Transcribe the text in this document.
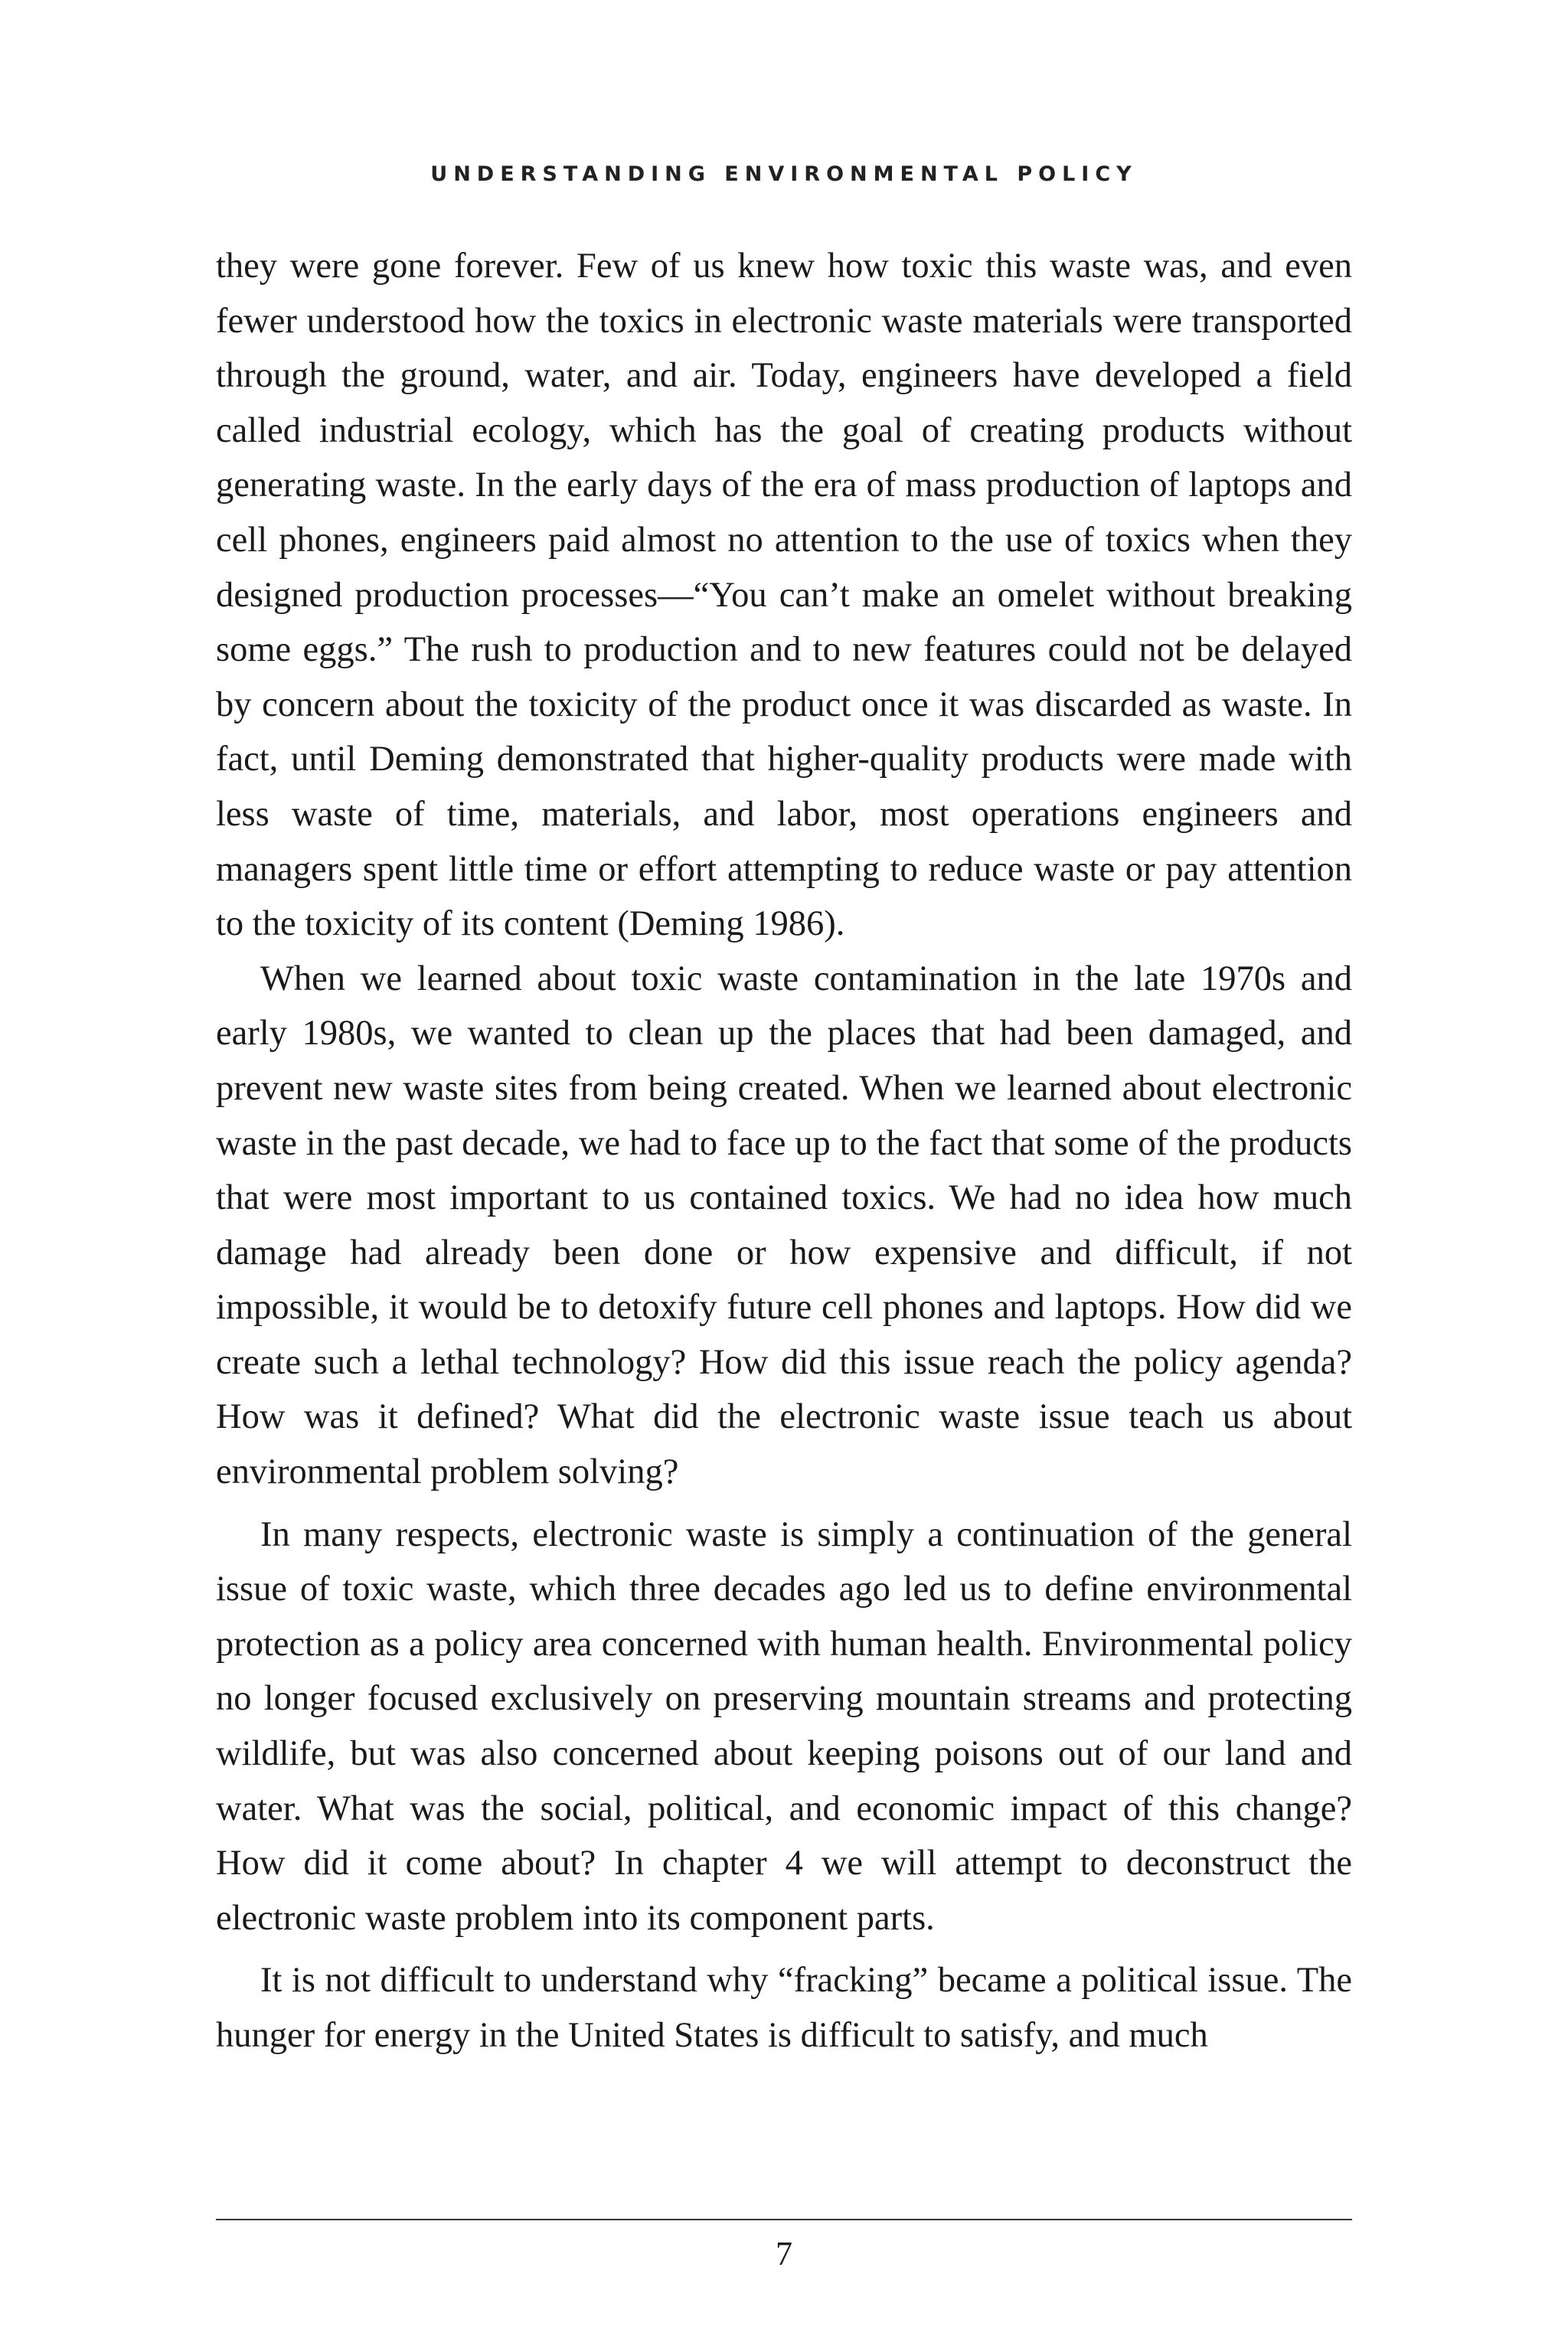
UNDERSTANDING ENVIRONMENTAL POLICY

they were gone forever. Few of us knew how toxic this waste was, and even fewer understood how the toxics in electronic waste materials were transported through the ground, water, and air. Today, engineers have developed a field called industrial ecology, which has the goal of creating products without generating waste. In the early days of the era of mass production of laptops and cell phones, engineers paid almost no attention to the use of toxics when they designed production processes—“You can’t make an omelet without breaking some eggs.” The rush to production and to new features could not be delayed by concern about the toxicity of the product once it was discarded as waste. In fact, until Deming demonstrated that higher-quality products were made with less waste of time, materials, and labor, most operations engineers and managers spent little time or effort attempting to reduce waste or pay attention to the toxicity of its content (Deming 1986).

When we learned about toxic waste contamination in the late 1970s and early 1980s, we wanted to clean up the places that had been damaged, and prevent new waste sites from being created. When we learned about electronic waste in the past decade, we had to face up to the fact that some of the products that were most important to us contained toxics. We had no idea how much damage had already been done or how expensive and difficult, if not impossible, it would be to detoxify future cell phones and laptops. How did we create such a lethal technology? How did this issue reach the policy agenda? How was it defined? What did the electronic waste issue teach us about environmental problem solving?

In many respects, electronic waste is simply a continuation of the general issue of toxic waste, which three decades ago led us to define environmental protection as a policy area concerned with human health. Environmental policy no longer focused exclusively on preserving mountain streams and protecting wildlife, but was also concerned about keeping poisons out of our land and water. What was the social, political, and economic impact of this change? How did it come about? In chapter 4 we will attempt to deconstruct the electronic waste problem into its component parts.

It is not difficult to understand why “fracking” became a political issue. The hunger for energy in the United States is difficult to satisfy, and much

7
